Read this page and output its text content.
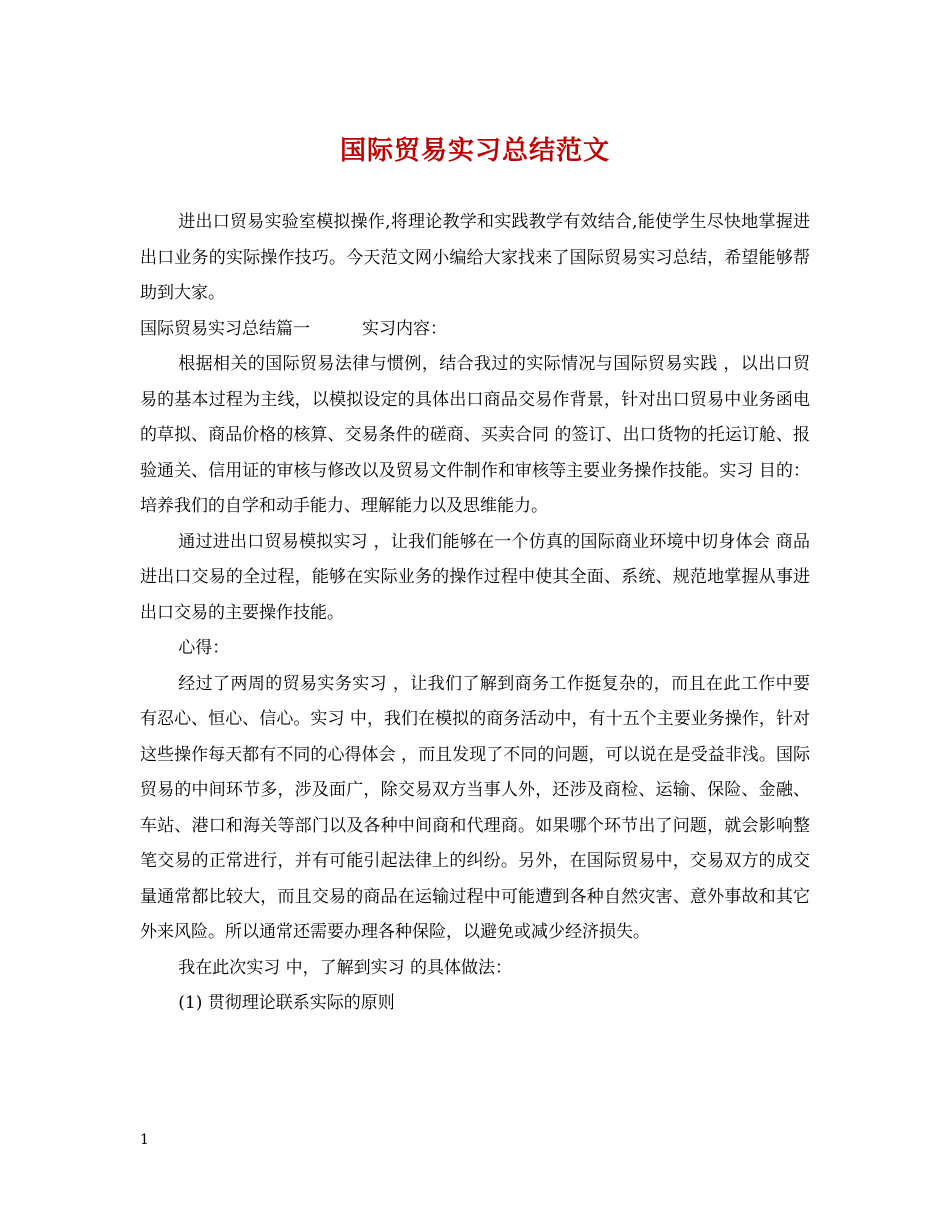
国际贸易实习总结范文

进出口贸易实验室模拟操作,将理论教学和实践教学有效结合,能使学生尽快地掌握进出口业务的实际操作技巧。今天范文网小编给大家找来了国际贸易实习总结，希望能够帮助到大家。

国际贸易实习总结篇一	实习内容：

根据相关的国际贸易法律与惯例，结合我过的实际情况与国际贸易实践 ，以出口贸易的基本过程为主线，以模拟设定的具体出口商品交易作背景，针对出口贸易中业务函电的草拟、商品价格的核算、交易条件的磋商、买卖合同 的签订、出口货物的托运订舱、报验通关、信用证的审核与修改以及贸易文件制作和审核等主要业务操作技能。实习 目的：培养我们的自学和动手能力、理解能力以及思维能力。

通过进出口贸易模拟实习 ，让我们能够在一个仿真的国际商业环境中切身体会 商品进出口交易的全过程，能够在实际业务的操作过程中使其全面、系统、规范地掌握从事进出口交易的主要操作技能。

心得：

经过了两周的贸易实务实习 ，让我们了解到商务工作挺复杂的，而且在此工作中要有忍心、恒心、信心。实习 中，我们在模拟的商务活动中，有十五个主要业务操作，针对这些操作每天都有不同的心得体会 ，而且发现了不同的问题，可以说在是受益非浅。国际贸易的中间环节多，涉及面广，除交易双方当事人外，还涉及商检、运输、保险、金融、车站、港口和海关等部门以及各种中间商和代理商。如果哪个环节出了问题，就会影响整笔交易的正常进行，并有可能引起法律上的纠纷。另外，在国际贸易中，交易双方的成交量通常都比较大，而且交易的商品在运输过程中可能遭到各种自然灾害、意外事故和其它外来风险。所以通常还需要办理各种保险，以避免或减少经济损失。

我在此次实习 中，了解到实习 的具体做法：

(1) 贯彻理论联系实际的原则

1
